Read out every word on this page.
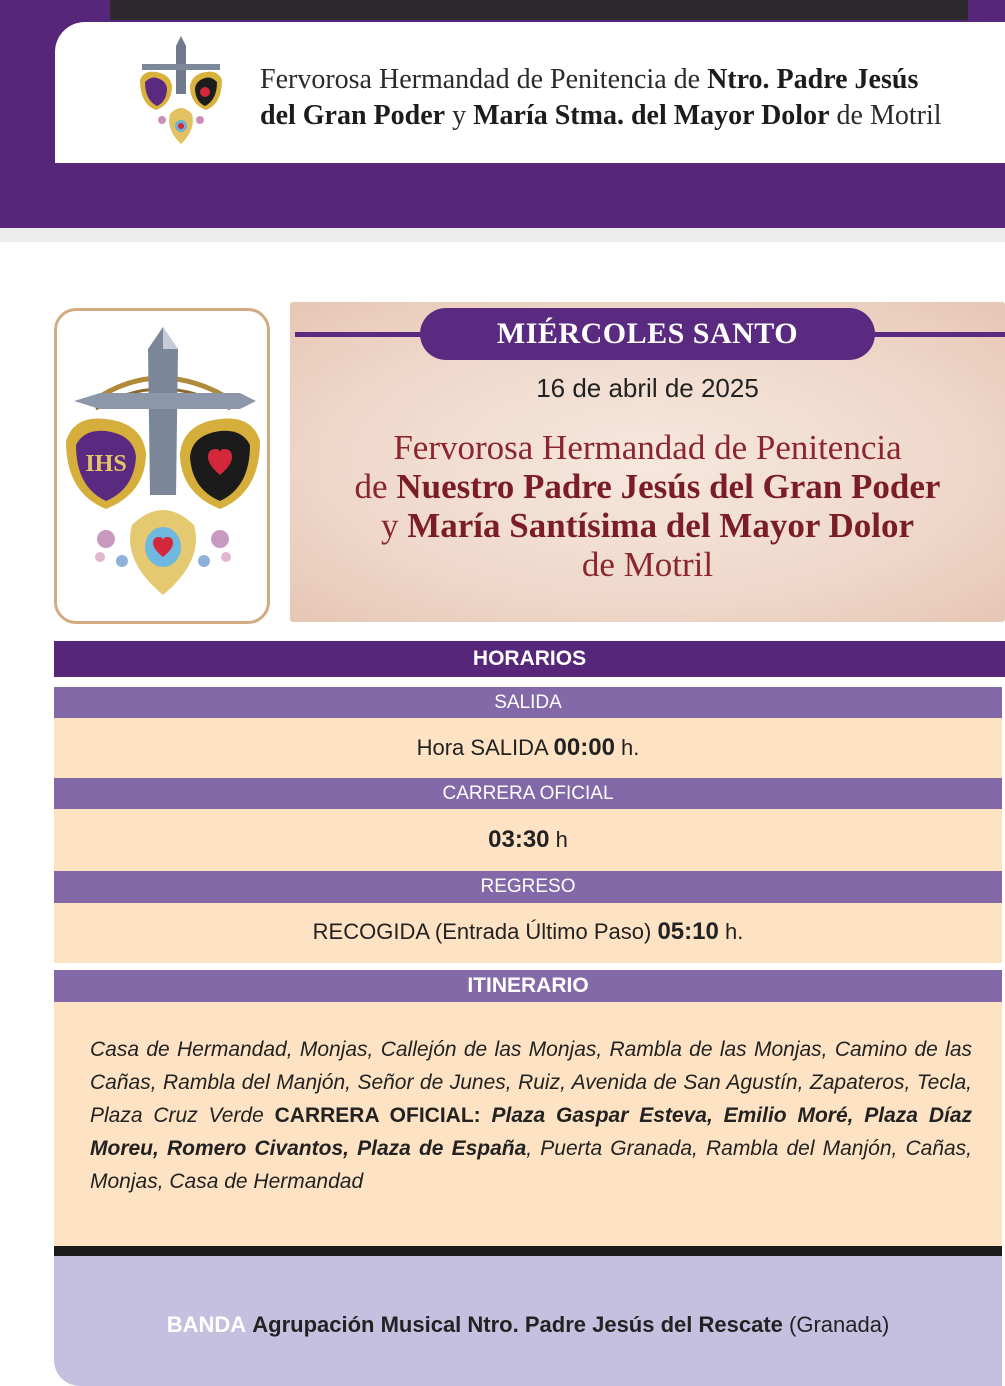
Fervorosa Hermandad de Penitencia de Ntro. Padre Jesús
del Gran Poder y María Stma. del Mayor Dolor de Motril
IHS
MIÉRCOLES SANTO
16 de abril de 2025
Fervorosa Hermandad de Penitencia
de Nuestro Padre Jesús del Gran Poder
y María Santísima del Mayor Dolor
de Motril
HORARIOS
SALIDA
Hora SALIDA 00:00 h.
CARRERA OFICIAL
03:30 h
REGRESO
RECOGIDA (Entrada Último Paso) 05:10 h.
ITINERARIO
Casa de Hermandad, Monjas, Callejón de las Monjas, Rambla de las Monjas, Camino de las Cañas, Rambla del Manjón, Señor de Junes, Ruiz, Avenida de San Agustín, Zapateros, Tecla, Plaza Cruz Verde CARRERA OFICIAL: Plaza Gaspar Esteva, Emilio Moré, Plaza Díaz Moreu, Romero Civantos, Plaza de España, Puerta Granada, Rambla del Manjón, Cañas, Monjas, Casa de Hermandad
BANDA Agrupación Musical Ntro. Padre Jesús del Rescate (Granada)
